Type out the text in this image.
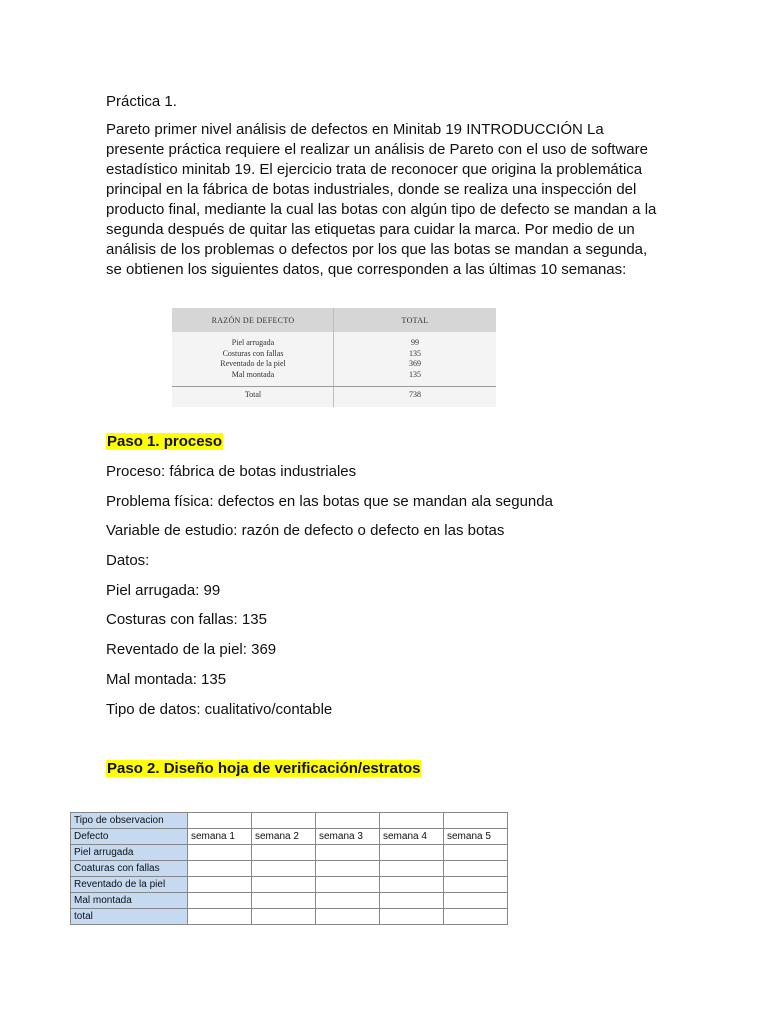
Práctica 1.
Pareto primer nivel análisis de defectos en Minitab 19 INTRODUCCIÓN La
presente práctica requiere el realizar un análisis de Pareto con el uso de software
estadístico minitab 19. El ejercicio trata de reconocer que origina la problemática
principal en la fábrica de botas industriales, donde se realiza una inspección del
producto final, mediante la cual las botas con algún tipo de defecto se mandan a la
segunda después de quitar las etiquetas para cuidar la marca. Por medio de un
análisis de los problemas o defectos por los que las botas se mandan a segunda,
se obtienen los siguientes datos, que corresponden a las últimas 10 semanas:
RAZÓN DE DEFECTO	TOTAL
Piel arrugada	99
Costuras con fallas	135
Reventado de la piel	369
Mal montada	135
Total	738
Paso 1. proceso
Proceso: fábrica de botas industriales
Problema física: defectos en las botas que se mandan ala segunda
Variable de estudio: razón de defecto o defecto en las botas
Datos:
Piel arrugada: 99
Costuras con fallas: 135
Reventado de la piel: 369
Mal montada: 135
Tipo de datos: cualitativo/contable
Paso 2. Diseño hoja de verificación/estratos
Tipo de observacion					
Defecto	semana 1	semana 2	semana 3	semana 4	semana 5
Piel arrugada					
Coaturas con fallas					
Reventado de la piel					
Mal montada					
total					
